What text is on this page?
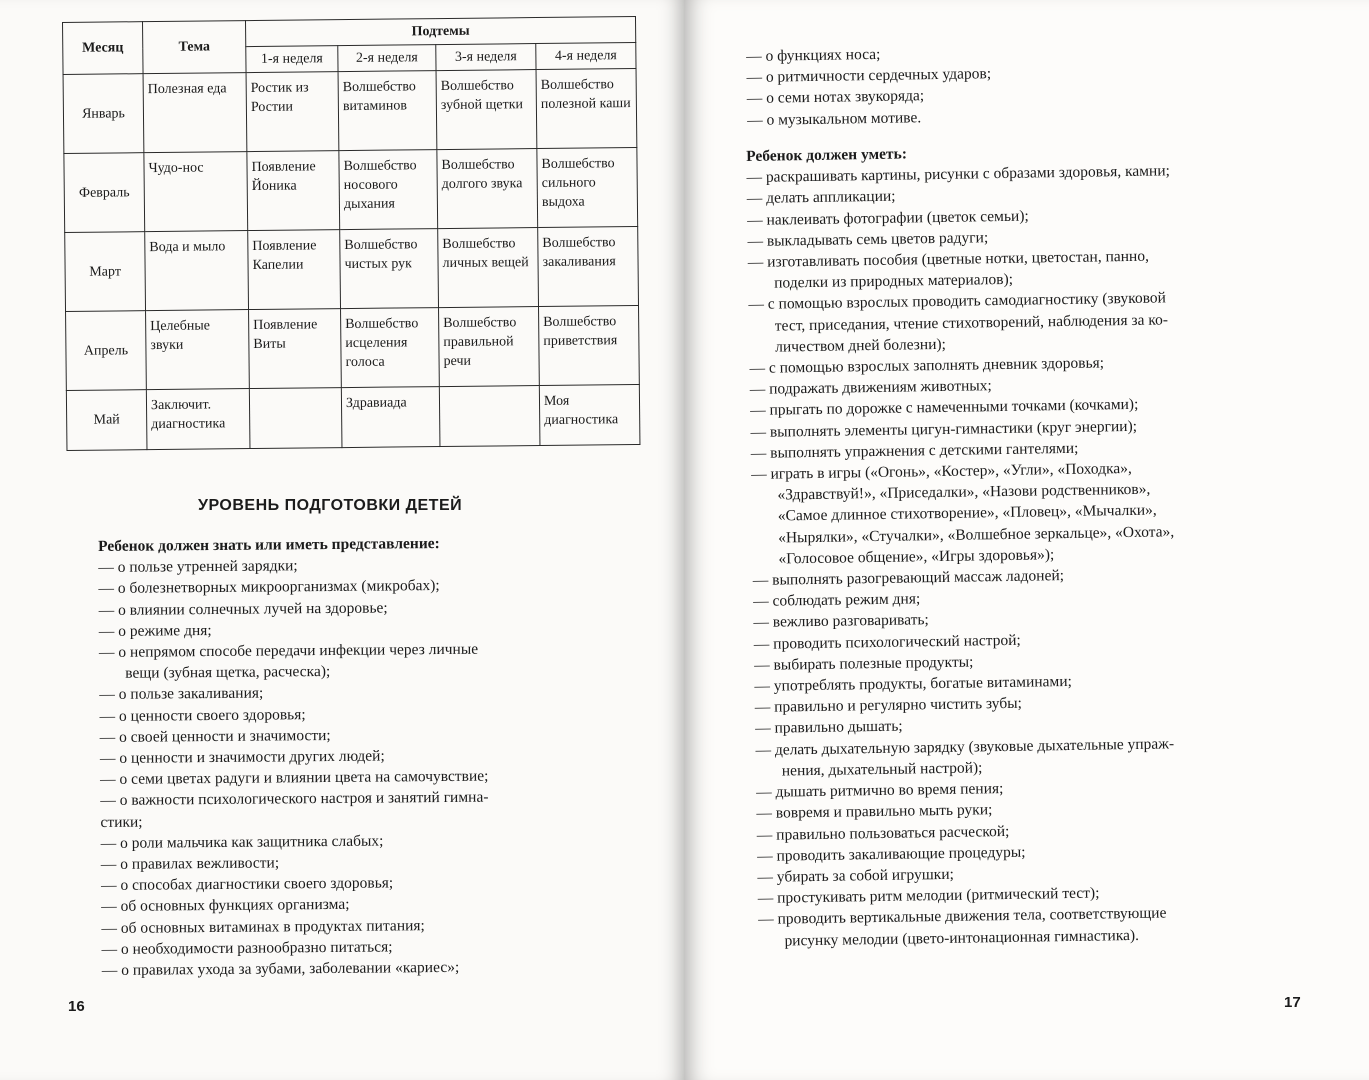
Месяц	Тема	Подтемы			
		1-я неделя	2-я неделя	3-я неделя	4-я неделя
Январь	Полезная еда	Ростик из Ростии	Волшебство витаминов	Волшебство зубной щетки	Волшебство полезной каши
Февраль	Чудо-нос	Появление Йоника	Волшебство носового дыхания	Волшебство долгого звука	Волшебство сильного выдоха
Март	Вода и мыло	Появление Капелии	Волшебство чистых рук	Волшебство личных вещей	Волшебство закаливания
Апрель	Целебные звуки	Появление Виты	Волшебство исцеления голоса	Волшебство правильной речи	Волшебство приветствия
Май	Заключит. диагностика		Здравиада		Моя диагностика
УРОВЕНЬ ПОДГОТОВКИ ДЕТЕЙ
Ребенок должен знать или иметь представление:
— о пользе утренней зарядки;
— о болезнетворных микроорганизмах (микробах);
— о влиянии солнечных лучей на здоровье;
— о режиме дня;
— о непрямом способе передачи инфекции через личные
вещи (зубная щетка, расческа);
— о пользе закаливания;
— о ценности своего здоровья;
— о своей ценности и значимости;
— о ценности и значимости других людей;
— о семи цветах радуги и влиянии цвета на самочувствие;
— о важности психологического настроя и занятий гимна-
стики;
— о роли мальчика как защитника слабых;
— о правилах вежливости;
— о способах диагностики своего здоровья;
— об основных функциях организма;
— об основных витаминах в продуктах питания;
— о необходимости разнообразно питаться;
— о правилах ухода за зубами, заболевании «кариес»;
16
— о функциях носа;
— о ритмичности сердечных ударов;
— о семи нотах звукоряда;
— о музыкальном мотиве.
Ребенок должен уметь:
— раскрашивать картины, рисунки с образами здоровья, камни;
— делать аппликации;
— наклеивать фотографии (цветок семьи);
— выкладывать семь цветов радуги;
— изготавливать пособия (цветные нотки, цветостан, панно,
поделки из природных материалов);
— с помощью взрослых проводить самодиагностику (звуковой
тест, приседания, чтение стихотворений, наблюдения за ко-
личеством дней болезни);
— с помощью взрослых заполнять дневник здоровья;
— подражать движениям животных;
— прыгать по дорожке с намеченными точками (кочками);
— выполнять элементы цигун-гимнастики (круг энергии);
— выполнять упражнения с детскими гантелями;
— играть в игры («Огонь», «Костер», «Угли», «Походка»,
«Здравствуй!», «Приседалки», «Назови родственников»,
«Самое длинное стихотворение», «Пловец», «Мычалки»,
«Нырялки», «Стучалки», «Волшебное зеркальце», «Охота»,
«Голосовое общение», «Игры здоровья»);
— выполнять разогревающий массаж ладоней;
— соблюдать режим дня;
— вежливо разговаривать;
— проводить психологический настрой;
— выбирать полезные продукты;
— употреблять продукты, богатые витаминами;
— правильно и регулярно чистить зубы;
— правильно дышать;
— делать дыхательную зарядку (звуковые дыхательные упраж-
нения, дыхательный настрой);
— дышать ритмично во время пения;
— вовремя и правильно мыть руки;
— правильно пользоваться расческой;
— проводить закаливающие процедуры;
— убирать за собой игрушки;
— простукивать ритм мелодии (ритмический тест);
— проводить вертикальные движения тела, соответствующие
рисунку мелодии (цвето-интонационная гимнастика).
17
